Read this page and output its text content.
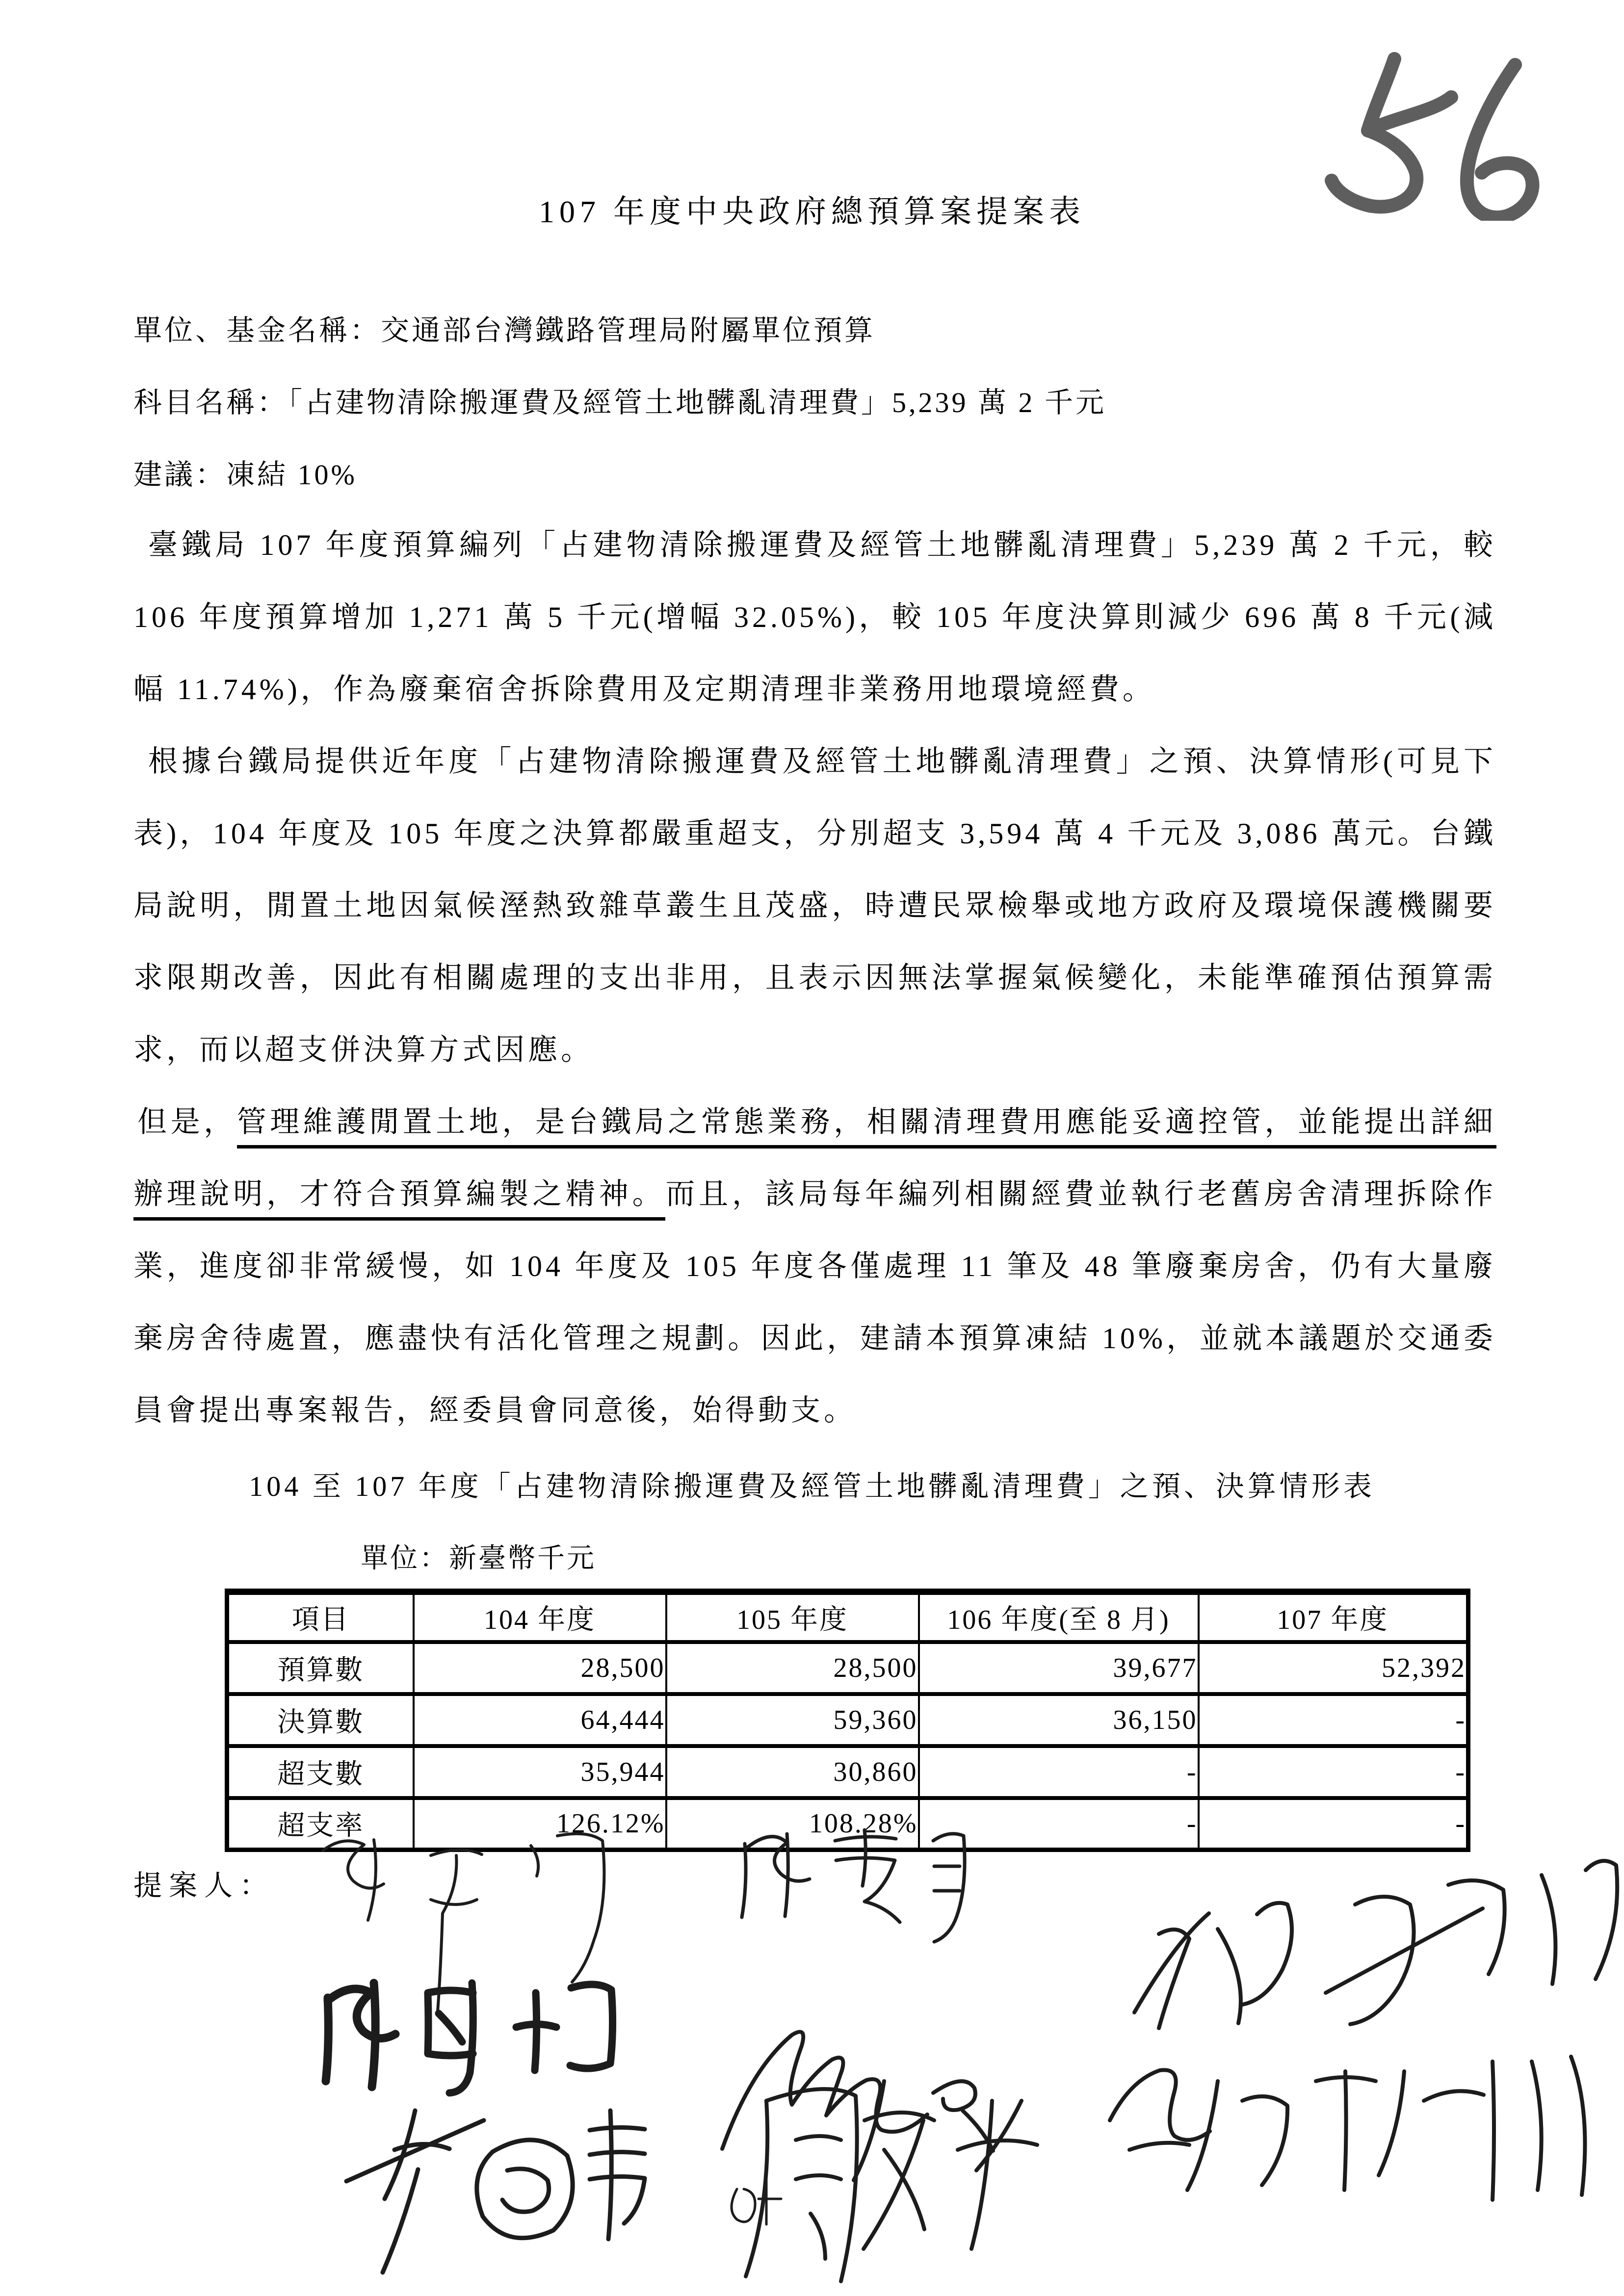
107 年度中央政府總預算案提案表
單位、基金名稱：交通部台灣鐵路管理局附屬單位預算
科目名稱：「占建物清除搬運費及經管土地髒亂清理費」5,239 萬 2 千元
建議：凍結 10%

臺鐵局 107 年度預算編列「占建物清除搬運費及經管土地髒亂清理費」5,239 萬 2 千元，較 106 年度預算增加 1,271 萬 5 千元(增幅 32.05%)，較 105 年度決算則減少 696 萬 8 千元(減幅 11.74%)，作為廢棄宿舍拆除費用及定期清理非業務用地環境經費。

根據台鐵局提供近年度「占建物清除搬運費及經管土地髒亂清理費」之預、決算情形(可見下表)，104 年度及 105 年度之決算都嚴重超支，分別超支 3,594 萬 4 千元及 3,086 萬元。台鐵局說明，閒置土地因氣候溼熱致雜草叢生且茂盛，時遭民眾檢舉或地方政府及環境保護機關要求限期改善，因此有相關處理的支出非用，且表示因無法掌握氣候變化，未能準確預估預算需求，而以超支併決算方式因應。

但是，管理維護閒置土地，是台鐵局之常態業務，相關清理費用應能妥適控管，並能提出詳細辦理說明，才符合預算編製之精神。而且，該局每年編列相關經費並執行老舊房舍清理拆除作業，進度卻非常緩慢，如 104 年度及 105 年度各僅處理 11 筆及 48 筆廢棄房舍，仍有大量廢棄房舍待處置，應盡快有活化管理之規劃。因此，建請本預算凍結 10%，並就本議題於交通委員會提出專案報告，經委員會同意後，始得動支。

104 至 107 年度「占建物清除搬運費及經管土地髒亂清理費」之預、決算情形表
單位：新臺幣千元
項目	104 年度	105 年度	106 年度(至 8 月)	107 年度
預算數	28,500	28,500	39,677	52,392
決算數	64,444	59,360	36,150	-
超支數	35,944	30,860	-	-
超支率	126.12%	108.28%	-	-
提案人：
